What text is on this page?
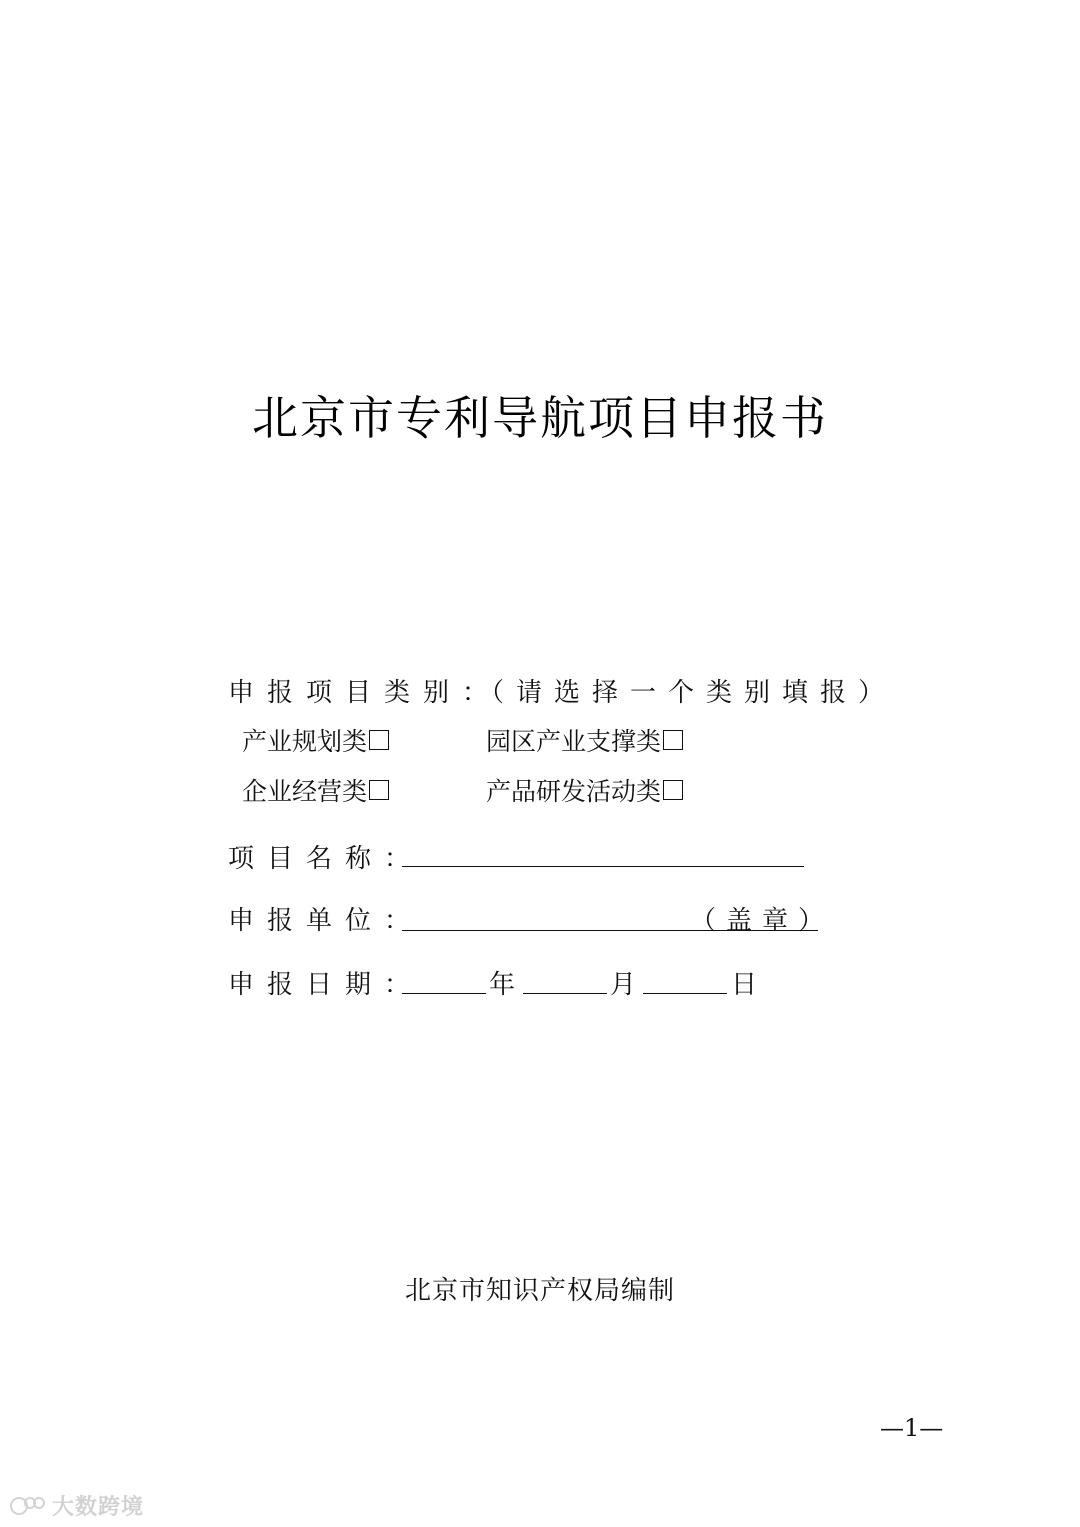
北京市专利导航项目申报书
申报项目类别：
（请选择一个类别填报）
产业规划类	园区产业支撑类
企业经营类	产品研发活动类
项目名称：
申报单位：	（盖章）
申报日期：	年	月	日
北京市知识产权局编制
—1—
大数跨境
